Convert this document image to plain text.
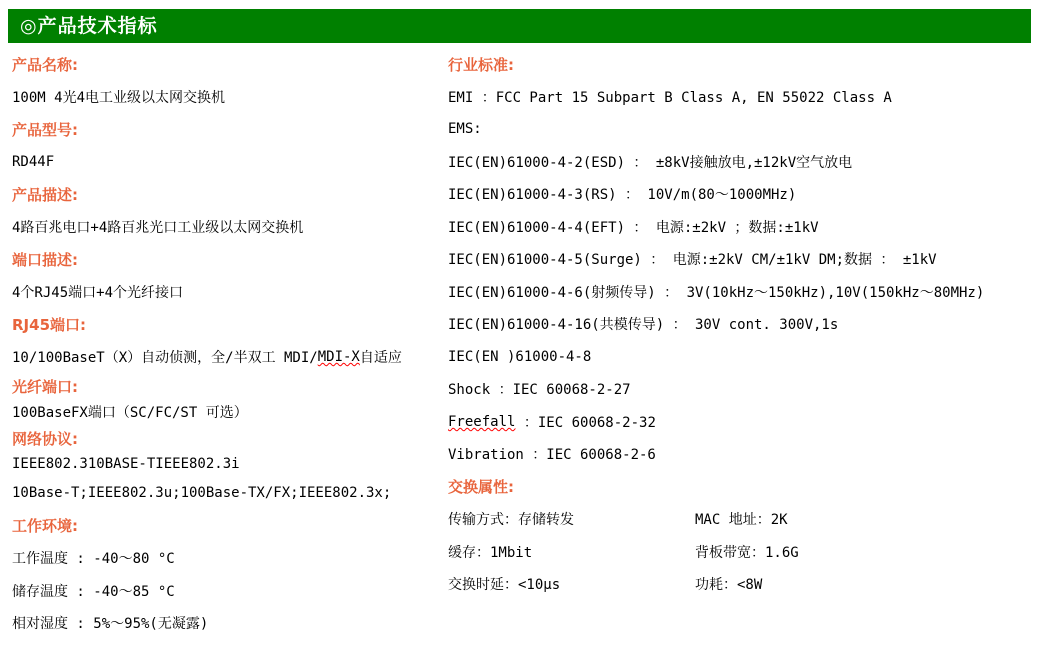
◎产品技术指标
产品名称:
100M 4光4电工业级以太网交换机
产品型号:
RD44F
产品描述:
4路百兆电口+4路百兆光口工业级以太网交换机
端口描述:
4个RJ45端口+4个光纤接口
RJ45端口:
10/100BaseT（X）自动侦测，全/半双工 MDI/ MDI-X 自适应
光纤端口:
100BaseFX端口（SC/FC/ST 可选）
网络协议:
IEEE802.310BASE-TIEEE802.3i
10Base-T;IEEE802.3u;100Base-TX/FX;IEEE802.3x;
工作环境:
工作温度 : -40～80 °C
储存温度 : -40～85 °C
相对湿度 : 5%～95%(无凝露)
行业标准:
EMI ：FCC Part 15 Subpart B Class A, EN 55022 Class A
EMS:
IEC(EN)61000-4-2(ESD) ： ±8kV接触放电,±12kV空气放电
IEC(EN)61000-4-3(RS) ： 10V/m(80～1000MHz)
IEC(EN)61000-4-4(EFT) ： 电源:±2kV ；数据:±1kV
IEC(EN)61000-4-5(Surge) ： 电源:±2kV CM/±1kV DM;数据 ： ±1kV
IEC(EN)61000-4-6(射频传导) ： 3V(10kHz～150kHz),10V(150kHz～80MHz)
IEC(EN)61000-4-16(共模传导) ： 30V cont. 300V,1s
IEC(EN )61000-4-8
Shock ：IEC 60068-2-27
Freefall ：IEC 60068-2-32
Vibration ：IEC 60068-2-6
交换属性:
传输方式：存储转发	MAC 地址：2K
缓存：1Mbit	背板带宽：1.6G
交换时延：<10μs	功耗：<8W
